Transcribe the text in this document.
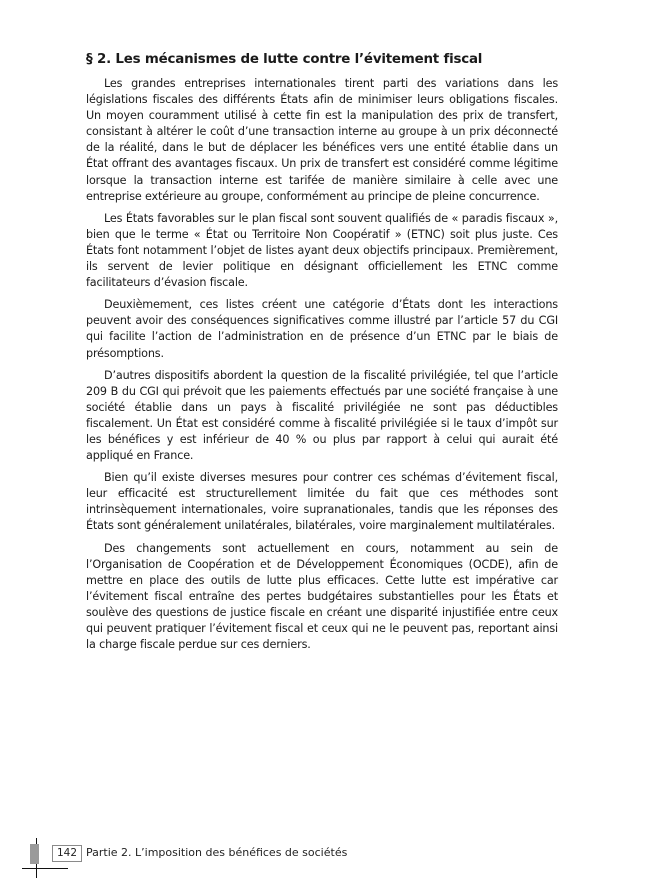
§ 2. Les mécanismes de lutte contre l’évitement fiscal

Les grandes entreprises internationales tirent parti des variations dans les législations fiscales des différents États afin de minimiser leurs obligations fiscales. Un moyen couramment utilisé à cette fin est la manipulation des prix de transfert, consistant à altérer le coût d’une transaction interne au groupe à un prix déconnecté de la réalité, dans le but de déplacer les bénéfices vers une entité établie dans un État offrant des avantages fiscaux. Un prix de transfert est considéré comme légitime lorsque la transaction interne est tarifée de manière similaire à celle avec une entreprise extérieure au groupe, conformément au principe de pleine concurrence.

Les États favorables sur le plan fiscal sont souvent qualifiés de « paradis fiscaux », bien que le terme « État ou Territoire Non Coopératif » (ETNC) soit plus juste. Ces États font notamment l’objet de listes ayant deux objectifs principaux. Premièrement, ils servent de levier politique en désignant officiellement les ETNC comme facilitateurs d’évasion fiscale.

Deuxièmement, ces listes créent une catégorie d’États dont les interactions peuvent avoir des conséquences significatives comme illustré par l’article 57 du CGI qui facilite l’action de l’administration en de présence d’un ETNC par le biais de présomptions.

D’autres dispositifs abordent la question de la fiscalité privilégiée, tel que l’article 209 B du CGI qui prévoit que les paiements effectués par une société française à une société établie dans un pays à fiscalité privilégiée ne sont pas déductibles fiscalement. Un État est considéré comme à fiscalité privilégiée si le taux d’impôt sur les bénéfices y est inférieur de 40 % ou plus par rapport à celui qui aurait été appliqué en France.

Bien qu’il existe diverses mesures pour contrer ces schémas d’évitement fiscal, leur efficacité est structurellement limitée du fait que ces méthodes sont intrinsèquement internationales, voire supranationales, tandis que les réponses des États sont généralement unilatérales, bilatérales, voire marginalement multilatérales.

Des changements sont actuellement en cours, notamment au sein de l’Organisation de Coopération et de Développement Économiques (OCDE), afin de mettre en place des outils de lutte plus efficaces. Cette lutte est impérative car l’évitement fiscal entraîne des pertes budgétaires substantielles pour les États et soulève des questions de justice fiscale en créant une disparité injustifiée entre ceux qui peuvent pratiquer l’évitement fiscal et ceux qui ne le peuvent pas, reportant ainsi la charge fiscale perdue sur ces derniers.

142 Partie 2. L’imposition des bénéfices de sociétés
